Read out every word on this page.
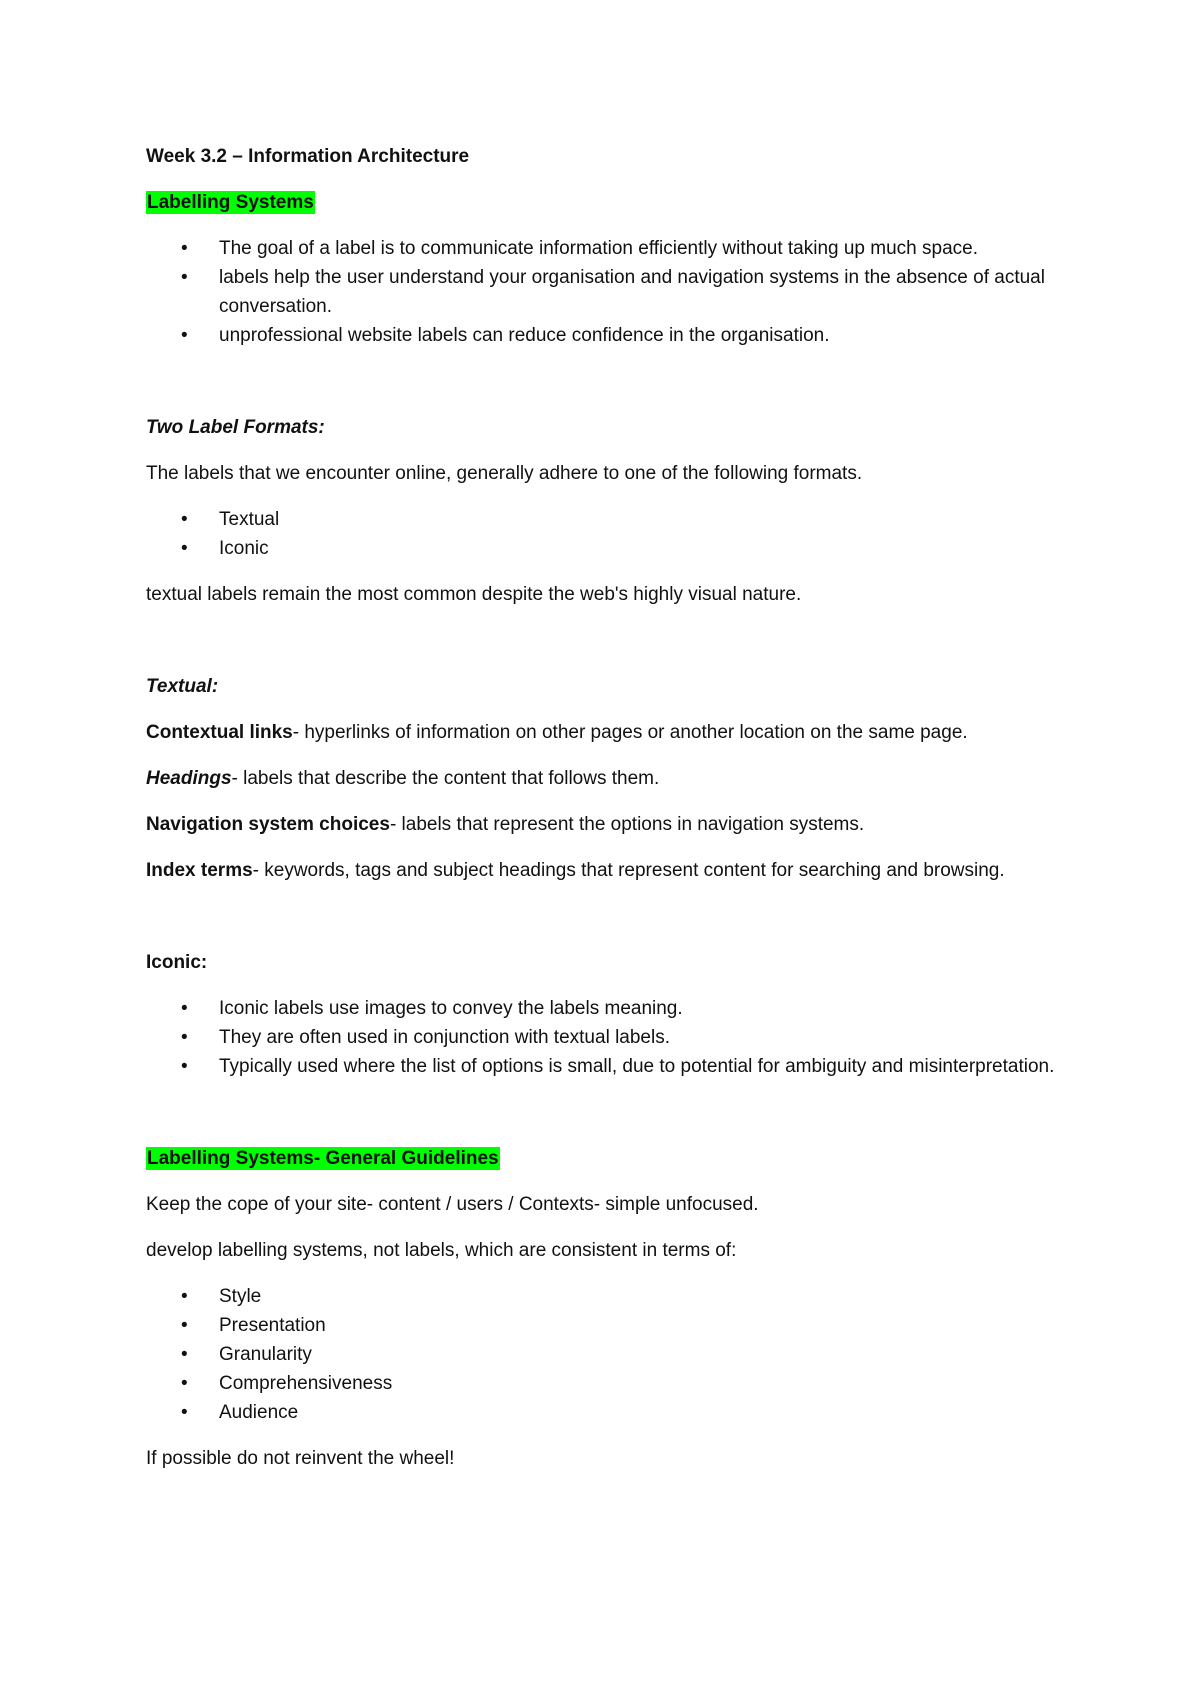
Week 3.2 – Information Architecture

Labelling Systems

• The goal of a label is to communicate information efficiently without taking up much space.
• labels help the user understand your organisation and navigation systems in the absence of actual conversation.
• unprofessional website labels can reduce confidence in the organisation.

Two Label Formats:

The labels that we encounter online, generally adhere to one of the following formats.

• Textual
• Iconic

textual labels remain the most common despite the web's highly visual nature.

Textual:

Contextual links- hyperlinks of information on other pages or another location on the same page.

Headings- labels that describe the content that follows them.

Navigation system choices- labels that represent the options in navigation systems.

Index terms- keywords, tags and subject headings that represent content for searching and browsing.

Iconic:

• Iconic labels use images to convey the labels meaning.
• They are often used in conjunction with textual labels.
• Typically used where the list of options is small, due to potential for ambiguity and misinterpretation.

Labelling Systems- General Guidelines

Keep the cope of your site- content / users / Contexts- simple unfocused.

develop labelling systems, not labels, which are consistent in terms of:

• Style
• Presentation
• Granularity
• Comprehensiveness
• Audience

If possible do not reinvent the wheel!
